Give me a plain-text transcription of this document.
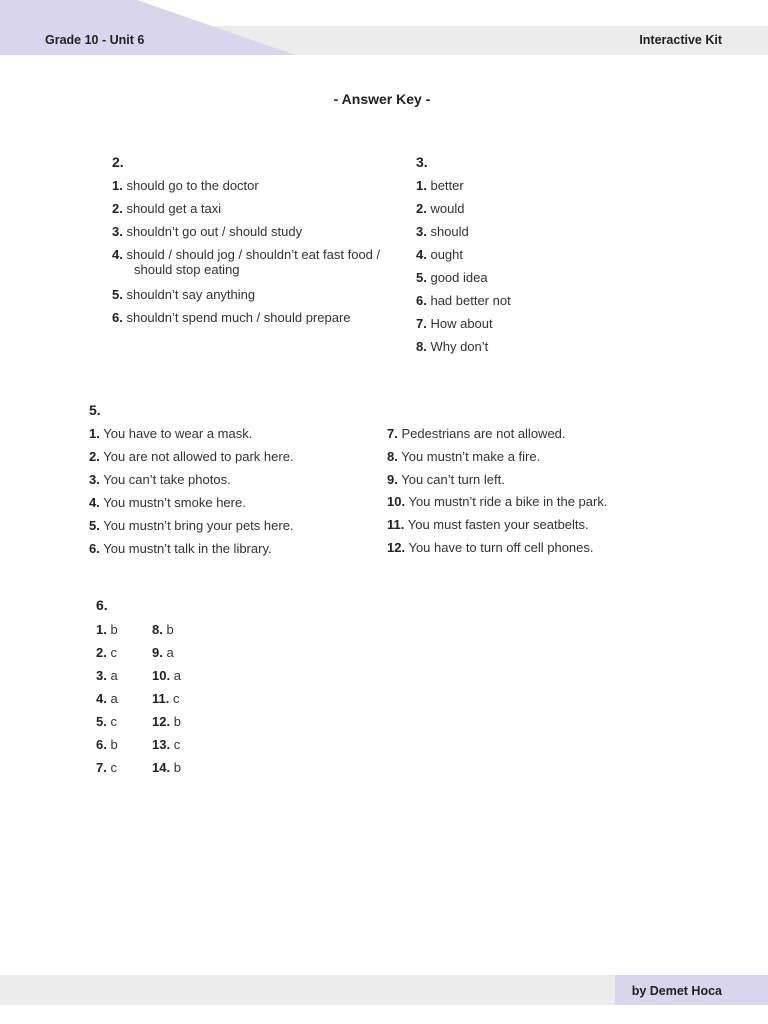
Grade 10 - Unit 6	Interactive Kit
- Answer Key -
2.
1. should go to the doctor
2. should get a taxi
3. shouldn’t go out / should study
4. should / should jog / shouldn’t eat fast food /
should stop eating
5. shouldn’t say anything
6. shouldn’t spend much / should prepare
3.
1. better
2. would
3. should
4. ought
5. good idea
6. had better not
7. How about
8. Why don’t
5.
1. You have to wear a mask.
2. You are not allowed to park here.
3. You can’t take photos.
4. You mustn’t smoke here.
5. You mustn’t bring your pets here.
6. You mustn’t talk in the library.
7. Pedestrians are not allowed.
8. You mustn’t make a fire.
9. You can’t turn left.
10. You mustn’t ride a bike in the park.
11. You must fasten your seatbelts.
12. You have to turn off cell phones.
6.
1. b
2. c
3. a
4. a
5. c
6. b
7. c
8. b
9. a
10. a
11. c
12. b
13. c
14. b
by Demet Hoca
